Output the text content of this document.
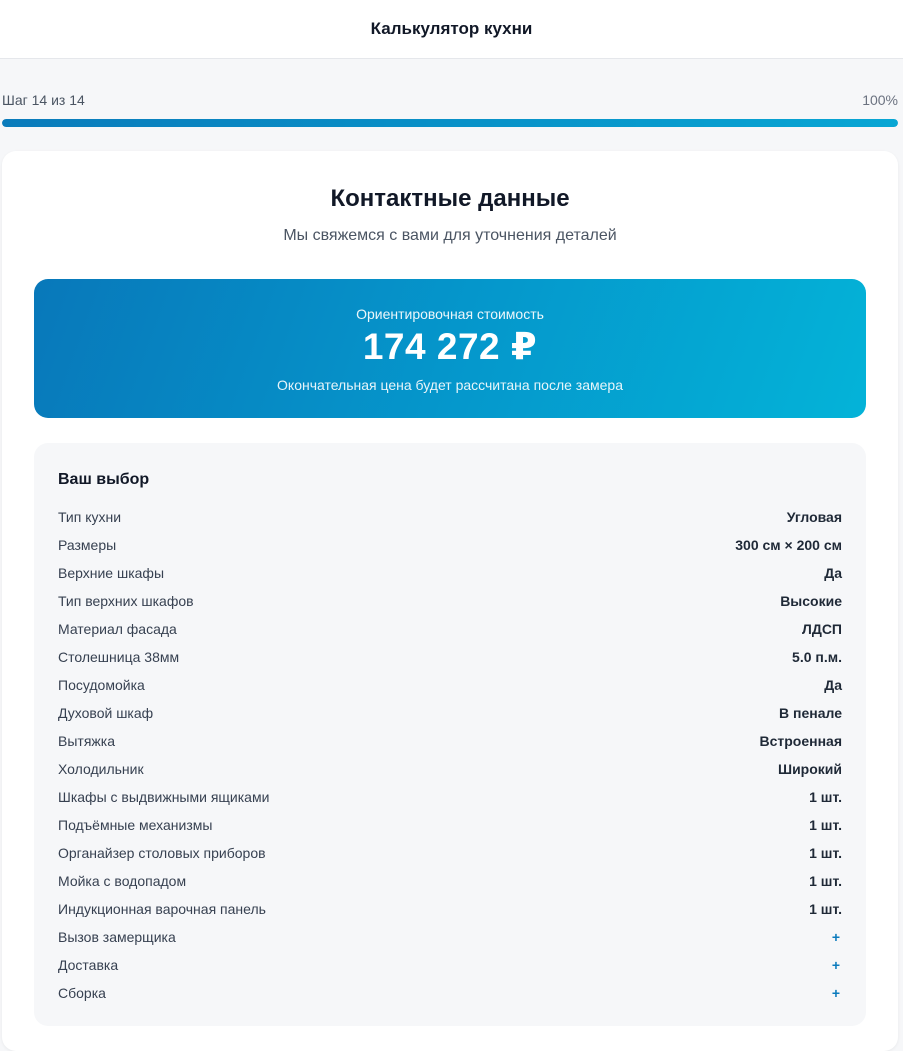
Калькулятор кухни
Шаг 14 из 14	100%
Контактные данные
Мы свяжемся с вами для уточнения деталей
Ориентировочная стоимость
174 272 ₽
Окончательная цена будет рассчитана после замера
Ваш выбор
Тип кухни	Угловая
Размеры	300 см × 200 см
Верхние шкафы	Да
Тип верхних шкафов	Высокие
Материал фасада	ЛДСП
Столешница 38мм	5.0 п.м.
Посудомойка	Да
Духовой шкаф	В пенале
Вытяжка	Встроенная
Холодильник	Широкий
Шкафы с выдвижными ящиками	1 шт.
Подъёмные механизмы	1 шт.
Органайзер столовых приборов	1 шт.
Мойка с водопадом	1 шт.
Индукционная варочная панель	1 шт.
Вызов замерщика	+
Доставка	+
Сборка	+
